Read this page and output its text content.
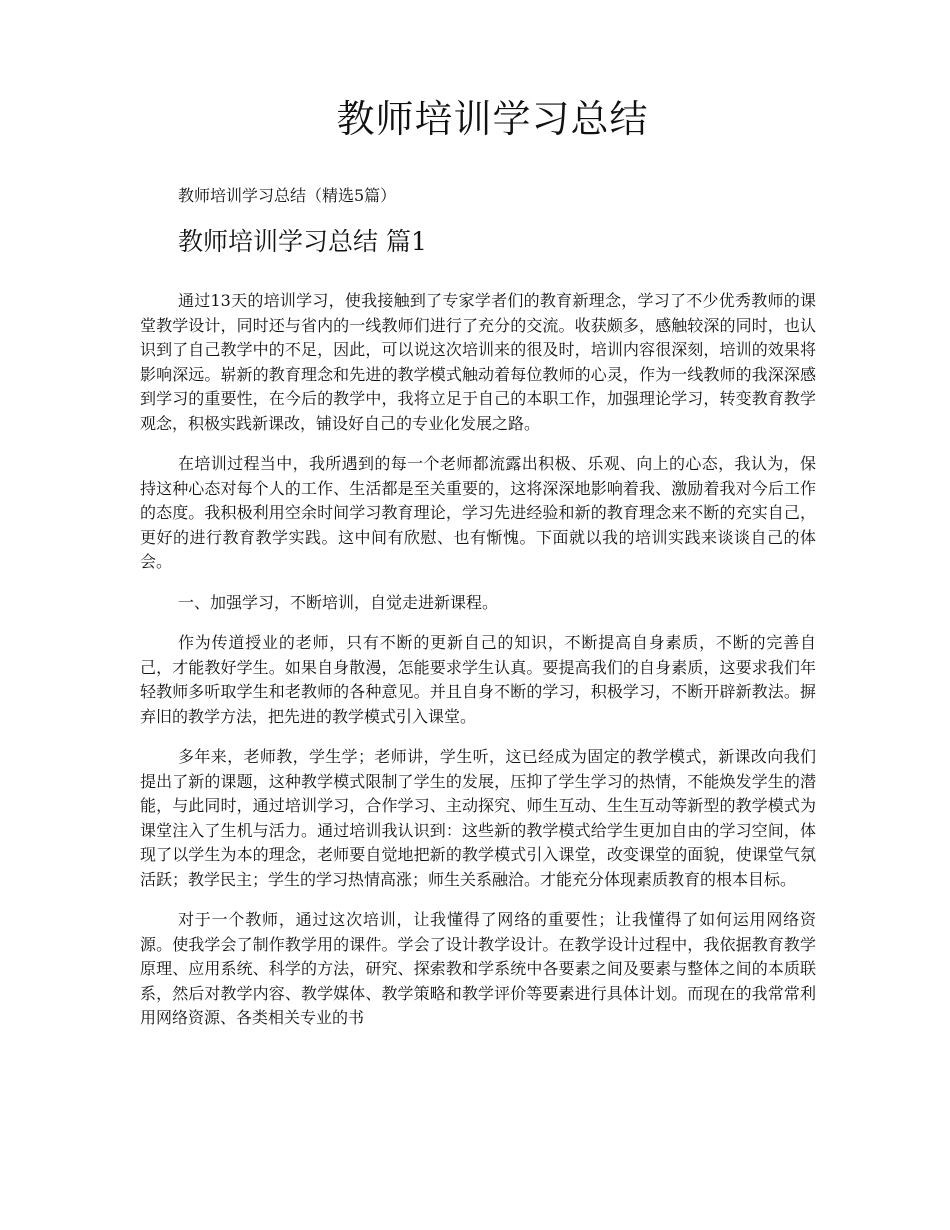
教师培训学习总结

教师培训学习总结（精选5篇）

教师培训学习总结 篇1

通过13天的培训学习，使我接触到了专家学者们的教育新理念，学习了不少优秀教师的课堂教学设计，同时还与省内的一线教师们进行了充分的交流。收获颇多，感触较深的同时，也认识到了自己教学中的不足，因此，可以说这次培训来的很及时，培训内容很深刻，培训的效果将影响深远。崭新的教育理念和先进的教学模式触动着每位教师的心灵，作为一线教师的我深深感到学习的重要性，在今后的教学中，我将立足于自己的本职工作，加强理论学习，转变教育教学观念，积极实践新课改，铺设好自己的专业化发展之路。

在培训过程当中，我所遇到的每一个老师都流露出积极、乐观、向上的心态，我认为，保持这种心态对每个人的工作、生活都是至关重要的，这将深深地影响着我、激励着我对今后工作的态度。我积极利用空余时间学习教育理论，学习先进经验和新的教育理念来不断的充实自己，更好的进行教育教学实践。这中间有欣慰、也有惭愧。下面就以我的培训实践来谈谈自己的体会。

一、加强学习，不断培训，自觉走进新课程。

作为传道授业的老师，只有不断的更新自己的知识，不断提高自身素质，不断的完善自己，才能教好学生。如果自身散漫，怎能要求学生认真。要提高我们的自身素质，这要求我们年轻教师多听取学生和老教师的各种意见。并且自身不断的学习，积极学习，不断开辟新教法。摒弃旧的教学方法，把先进的教学模式引入课堂。

多年来，老师教，学生学；老师讲，学生听，这已经成为固定的教学模式，新课改向我们提出了新的课题，这种教学模式限制了学生的发展，压抑了学生学习的热情，不能焕发学生的潜能，与此同时，通过培训学习，合作学习、主动探究、师生互动、生生互动等新型的教学模式为课堂注入了生机与活力。通过培训我认识到：这些新的教学模式给学生更加自由的学习空间，体现了以学生为本的理念，老师要自觉地把新的教学模式引入课堂，改变课堂的面貌，使课堂气氛活跃；教学民主；学生的学习热情高涨；师生关系融洽。才能充分体现素质教育的根本目标。

对于一个教师，通过这次培训，让我懂得了网络的重要性；让我懂得了如何运用网络资源。使我学会了制作教学用的课件。学会了设计教学设计。在教学设计过程中，我依据教育教学原理、应用系统、科学的方法，研究、探索教和学系统中各要素之间及要素与整体之间的本质联系，然后对教学内容、教学媒体、教学策略和教学评价等要素进行具体计划。而现在的我常常利用网络资源、各类相关专业的书
